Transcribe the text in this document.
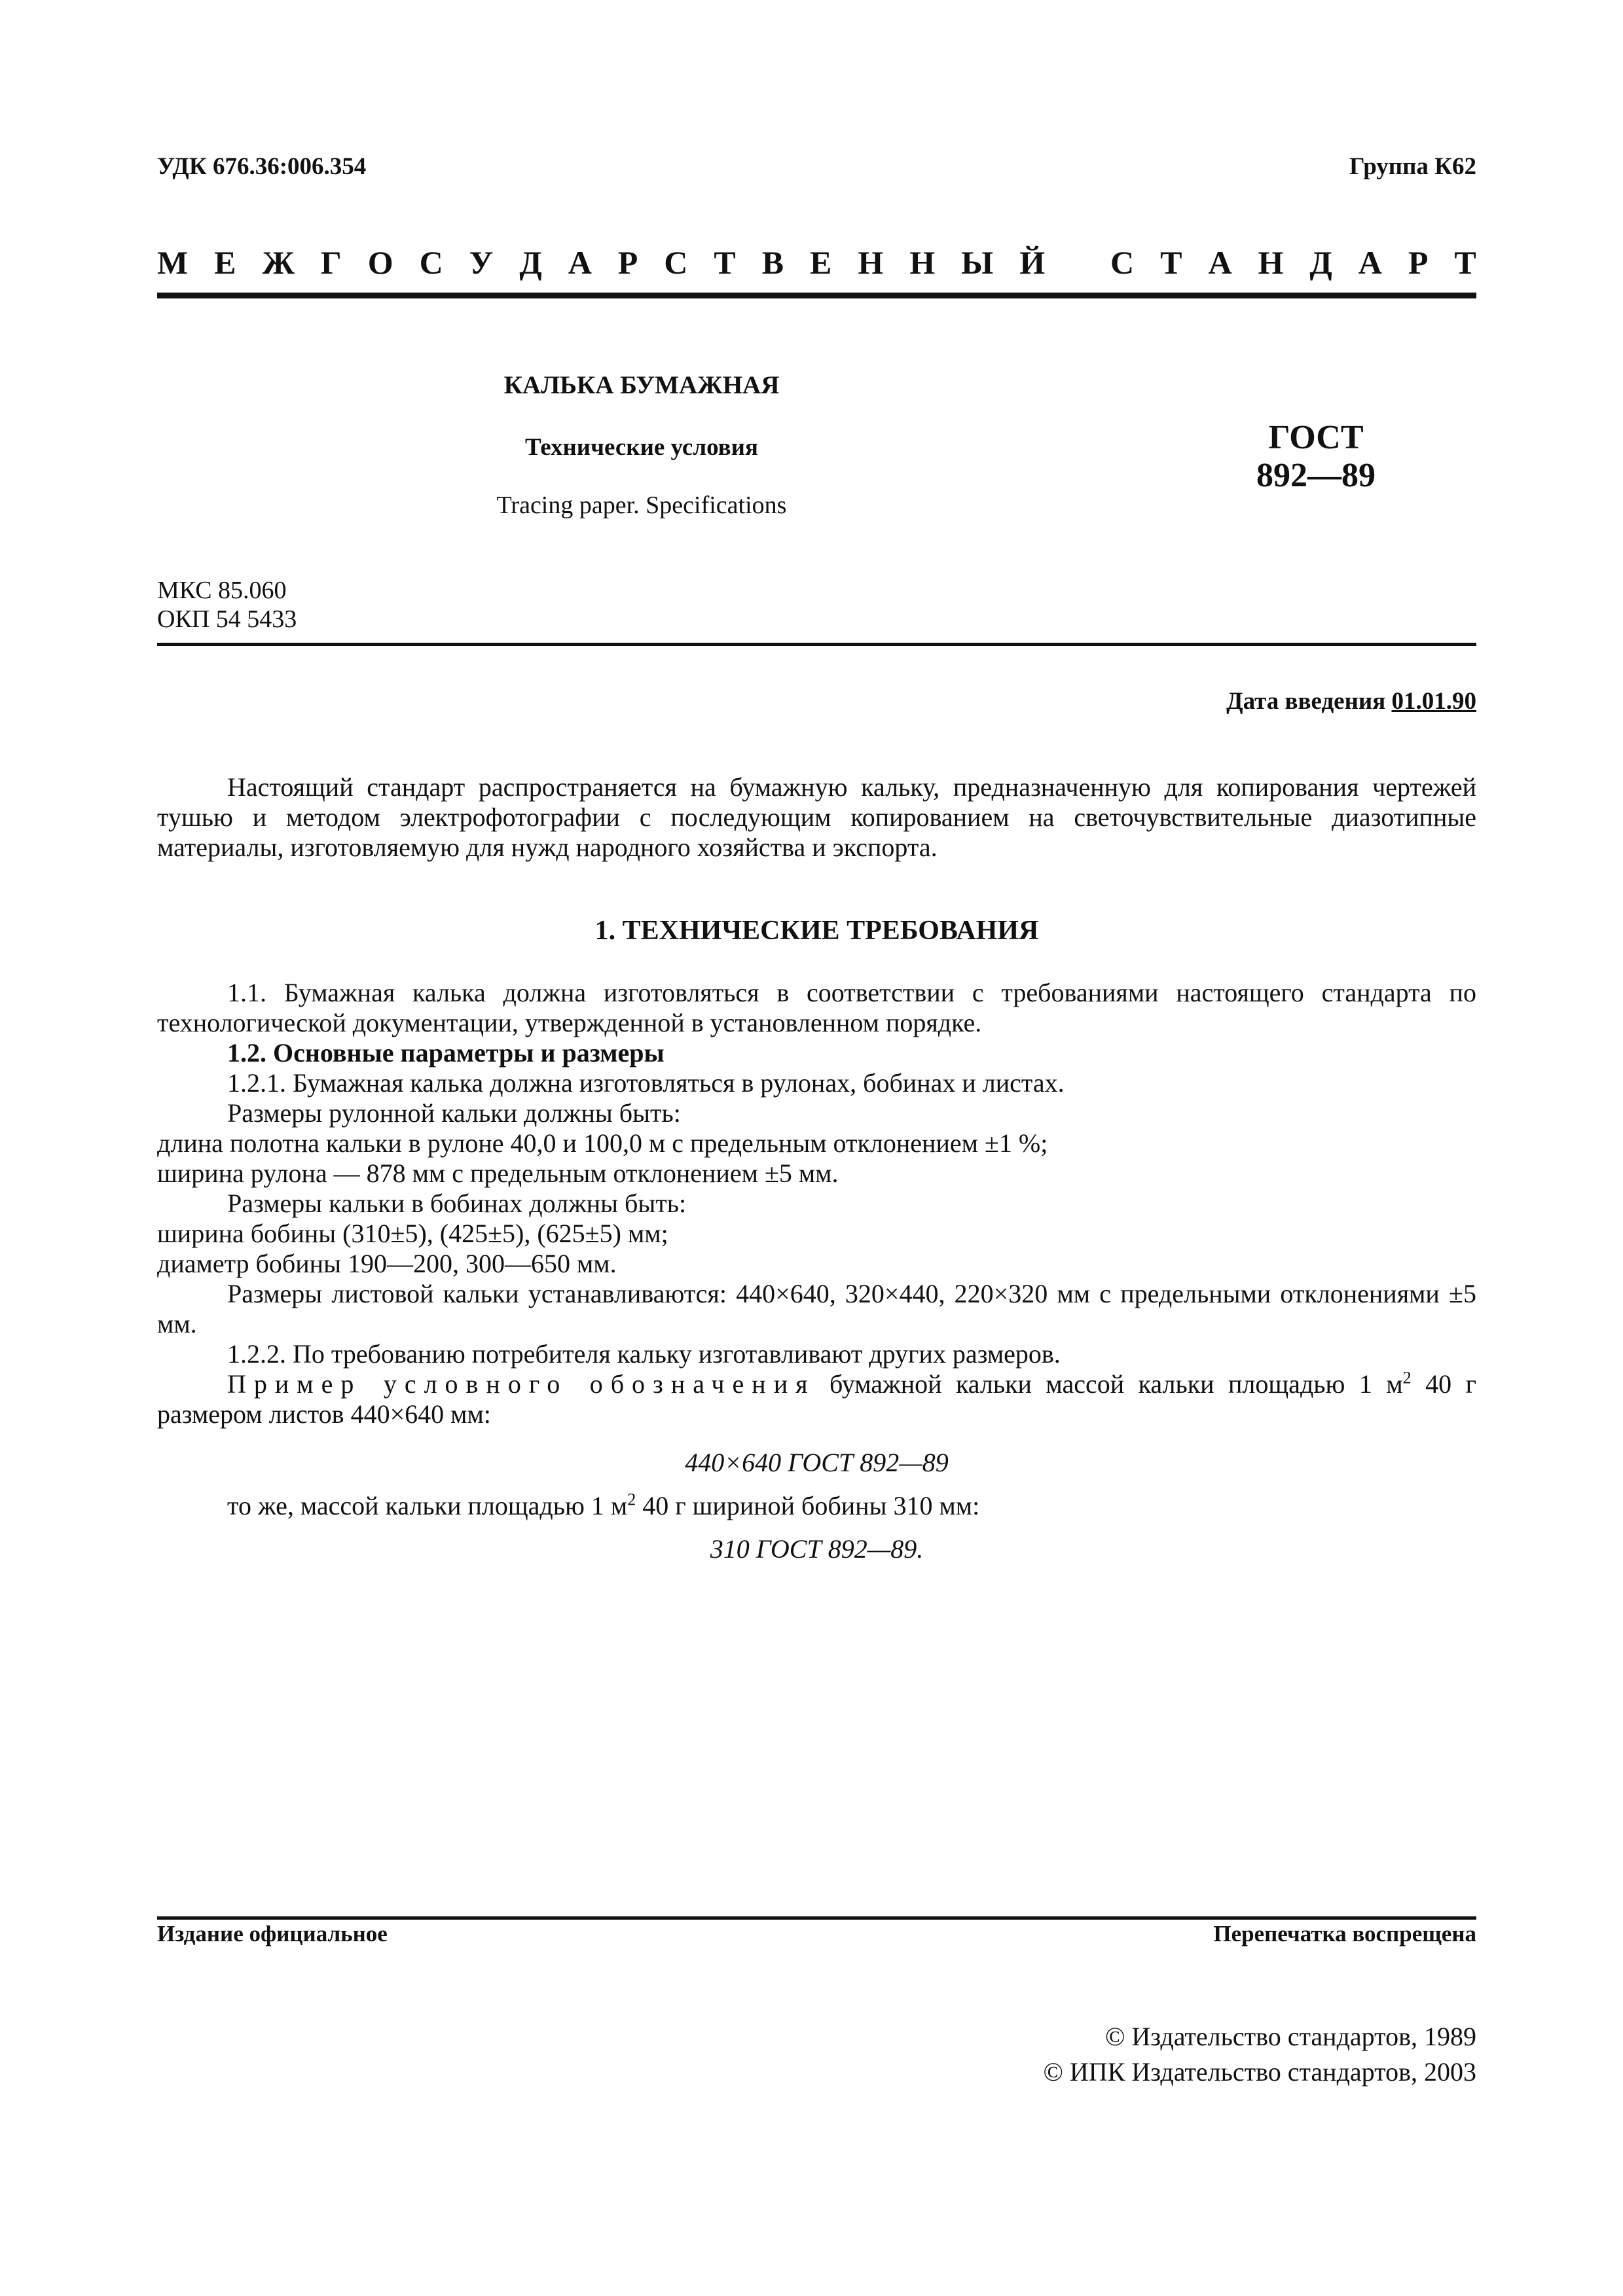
УДК 676.36:006.354	Группа К62
М Е Ж Г О С У Д А Р С Т В Е Н Н Ы Й С Т А Н Д А Р Т
КАЛЬКА БУМАЖНАЯ
Технические условия
Tracing paper. Specifications
ГОСТ
892—89
МКС 85.060
ОКП 54 5433
Дата введения 01.01.90
Настоящий стандарт распространяется на бумажную кальку, предназначенную для копирования чертежей тушью и методом электрофотографии с последующим копированием на светочувствительные диазотипные материалы, изготовляемую для нужд народного хозяйства и экспорта.
1. ТЕХНИЧЕСКИЕ ТРЕБОВАНИЯ
1.1. Бумажная калька должна изготовляться в соответствии с требованиями настоящего стандарта по технологической документации, утвержденной в установленном порядке.
1.2. Основные параметры и размеры
1.2.1. Бумажная калька должна изготовляться в рулонах, бобинах и листах.
Размеры рулонной кальки должны быть:
длина полотна кальки в рулоне 40,0 и 100,0 м с предельным отклонением ±1 %;
ширина рулона — 878 мм с предельным отклонением ±5 мм.
Размеры кальки в бобинах должны быть:
ширина бобины (310±5), (425±5), (625±5) мм;
диаметр бобины 190—200, 300—650 мм.
Размеры листовой кальки устанавливаются: 440×640, 320×440, 220×320 мм с предельными отклонениями ±5 мм.
1.2.2. По требованию потребителя кальку изготавливают других размеров.
Пример условного обозначения бумажной кальки массой кальки площадью 1 $м^2$ 40 г размером листов 440×640 мм:
440×640 ГОСТ 892—89
то же, массой кальки площадью 1 $м^2$ 40 г шириной бобины 310 мм:
310 ГОСТ 892—89.
Издание официальное	Перепечатка воспрещена
© Издательство стандартов, 1989
© ИПК Издательство стандартов, 2003
